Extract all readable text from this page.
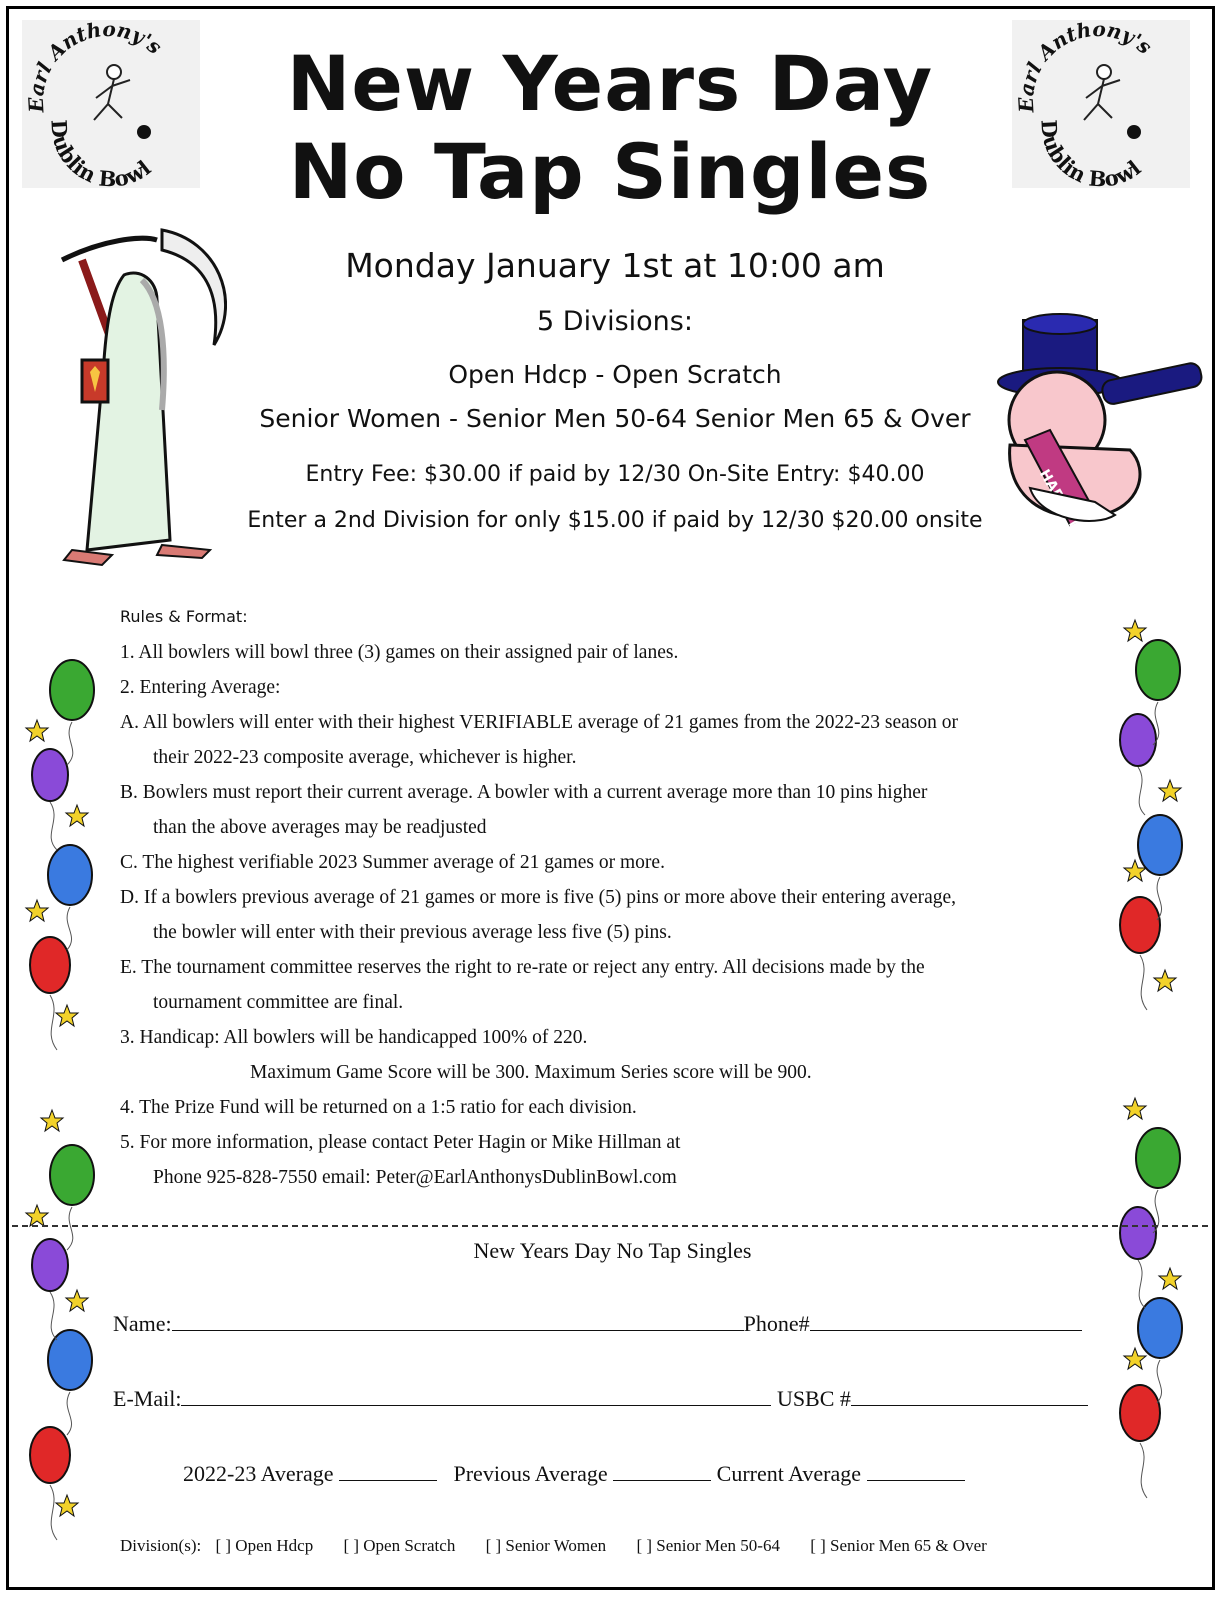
Earl Anthony's
Dublin Bowl
Earl Anthony's
Dublin Bowl
New Years Day
No Tap Singles
Monday January 1st at 10:00 am
5 Divisions:
Open Hdcp - Open Scratch
Senior Women - Senior Men 50-64 Senior Men 65 & Over
Entry Fee: $30.00 if paid by 12/30 On-Site Entry: $40.00
Enter a 2nd Division for only $15.00 if paid by 12/30 $20.00 onsite
Rules & Format:
1. All bowlers will bowl three (3) games on their assigned pair of lanes.
2. Entering Average:
A. All bowlers will enter with their highest VERIFIABLE average of 21 games from the 2022-23 season or
their 2022-23 composite average, whichever is higher.
B. Bowlers must report their current average. A bowler with a current average more than 10 pins higher
than the above averages may be readjusted
C. The highest verifiable 2023 Summer average of 21 games or more.
D. If a bowlers previous average of 21 games or more is five (5) pins or more above their entering average,
the bowler will enter with their previous average less five (5) pins.
E. The tournament committee reserves the right to re-rate or reject any entry. All decisions made by the
tournament committee are final.
3. Handicap: All bowlers will be handicapped 100% of 220.
Maximum Game Score will be 300. Maximum Series score will be 900.
4. The Prize Fund will be returned on a 1:5 ratio for each division.
5. For more information, please contact Peter Hagin or Mike Hillman at
Phone 925-828-7550 email: Peter@EarlAnthonysDublinBowl.com
New Years Day No Tap Singles
Name:	Phone#
E-Mail:	USBC #
2022-23 Average	Previous Average	Current Average
Division(s): [ ] Open Hdcp [ ] Open Scratch [ ] Senior Women [ ] Senior Men 50-64 [ ] Senior Men 65 & Over
